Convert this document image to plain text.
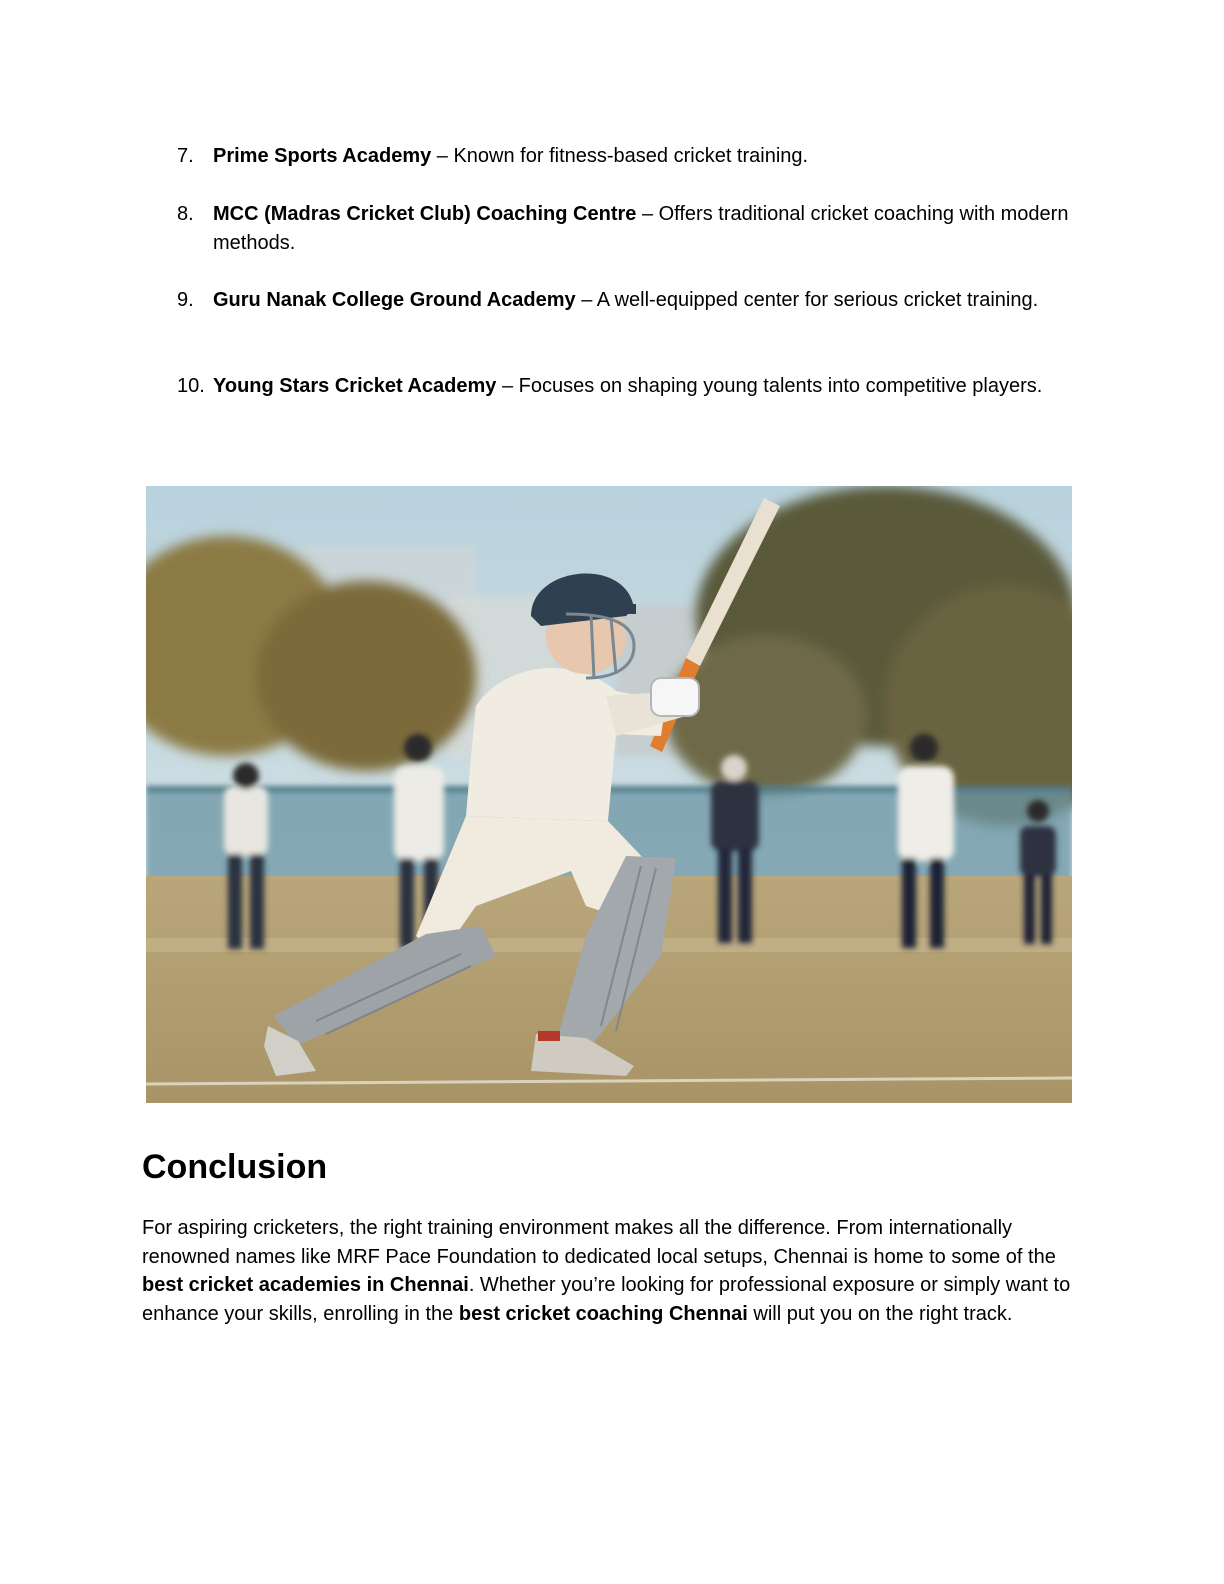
7. Prime Sports Academy – Known for fitness-based cricket training.
8. MCC (Madras Cricket Club) Coaching Centre – Offers traditional cricket coaching with modern methods.
9. Guru Nanak College Ground Academy – A well-equipped center for serious cricket training.
10. Young Stars Cricket Academy – Focuses on shaping young talents into competitive players.
Conclusion

For aspiring cricketers, the right training environment makes all the difference. From internationally renowned names like MRF Pace Foundation to dedicated local setups, Chennai is home to some of the best cricket academies in Chennai. Whether you’re looking for professional exposure or simply want to enhance your skills, enrolling in the best cricket coaching Chennai will put you on the right track.
